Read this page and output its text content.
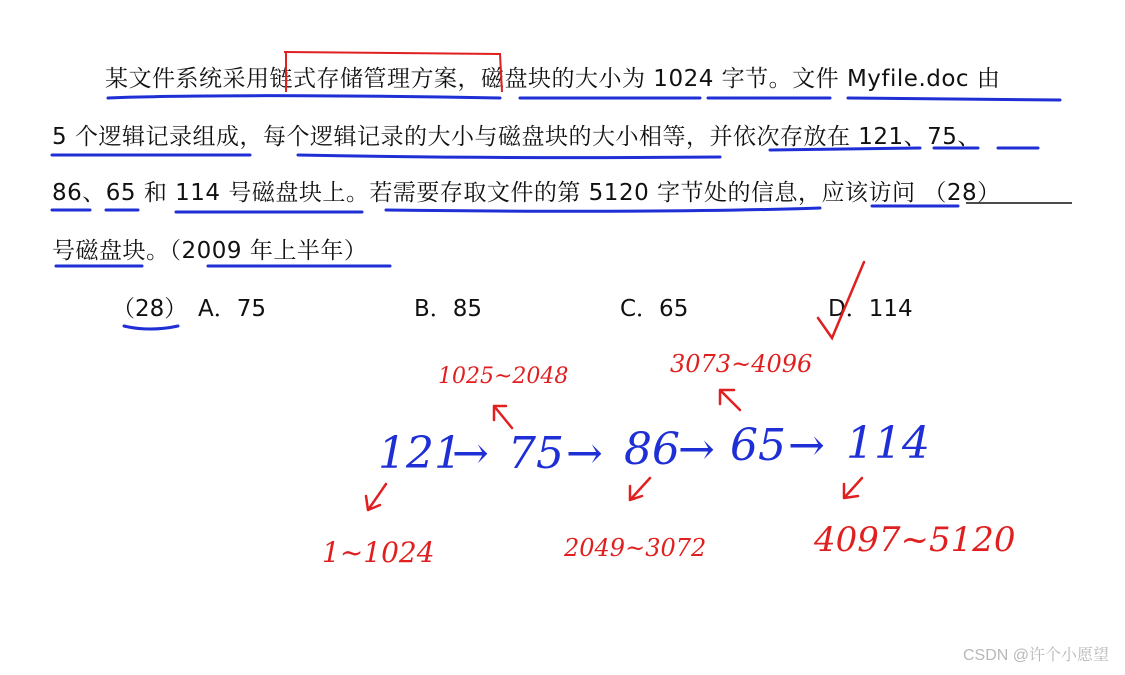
　　某文件系统采用链式存储管理方案，磁盘块的大小为 1024 字节。文件 Myfile.doc 由
5 个逻辑记录组成，每个逻辑记录的大小与磁盘块的大小相等，并依次存放在 121、75、
86、65 和 114 号磁盘块上。若需要存取文件的第 5120 字节处的信息，应该访问 （28）
号磁盘块。（2009 年上半年）
（28） A．75	B．85	C．65	D．114
121
→ 75 → 86
→ 65 → 114
1025~2048	3073~4096
1~1024	2049~3072	4097~5120
CSDN @许个小愿望
